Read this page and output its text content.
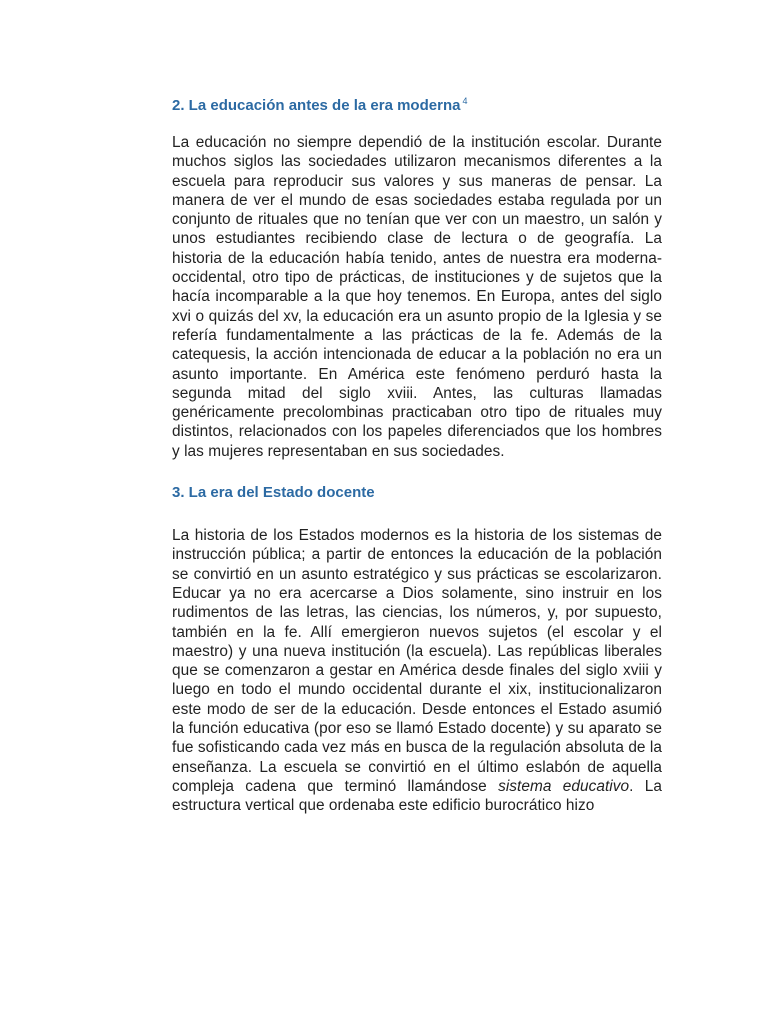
2. La educación antes de la era moderna $^4$

La educación no siempre dependió de la institución escolar. Durante muchos siglos las sociedades utilizaron mecanismos diferentes a la escuela para reproducir sus valores y sus maneras de pensar. La manera de ver el mundo de esas sociedades estaba regulada por un conjunto de rituales que no tenían que ver con un maestro, un salón y unos estudiantes recibiendo clase de lectura o de geografía. La historia de la educación había tenido, antes de nuestra era moderna-occidental, otro tipo de prácticas, de instituciones y de sujetos que la hacía incomparable a la que hoy tenemos. En Europa, antes del siglo xvi o quizás del xv, la educación era un asunto propio de la Iglesia y se refería fundamentalmente a las prácticas de la fe. Además de la catequesis, la acción intencionada de educar a la población no era un asunto importante. En América este fenómeno perduró hasta la segunda mitad del siglo xviii. Antes, las culturas llamadas genéricamente precolombinas practicaban otro tipo de rituales muy distintos, relacionados con los papeles diferenciados que los hombres y las mujeres representaban en sus sociedades.

3. La era del Estado docente

La historia de los Estados modernos es la historia de los sistemas de instrucción pública; a partir de entonces la educación de la población se convirtió en un asunto estratégico y sus prácticas se escolarizaron. Educar ya no era acercarse a Dios solamente, sino instruir en los rudimentos de las letras, las ciencias, los números, y, por supuesto, también en la fe. Allí emergieron nuevos sujetos (el escolar y el maestro) y una nueva institución (la escuela). Las repúblicas liberales que se comenzaron a gestar en América desde finales del siglo xviii y luego en todo el mundo occidental durante el xix, institucionalizaron este modo de ser de la educación. Desde entonces el Estado asumió la función educativa (por eso se llamó Estado docente) y su aparato se fue sofisticando cada vez más en busca de la regulación absoluta de la enseñanza. La escuela se convirtió en el último eslabón de aquella compleja cadena que terminó llamándose sistema educativo. La estructura vertical que ordenaba este edificio burocrático hizo
